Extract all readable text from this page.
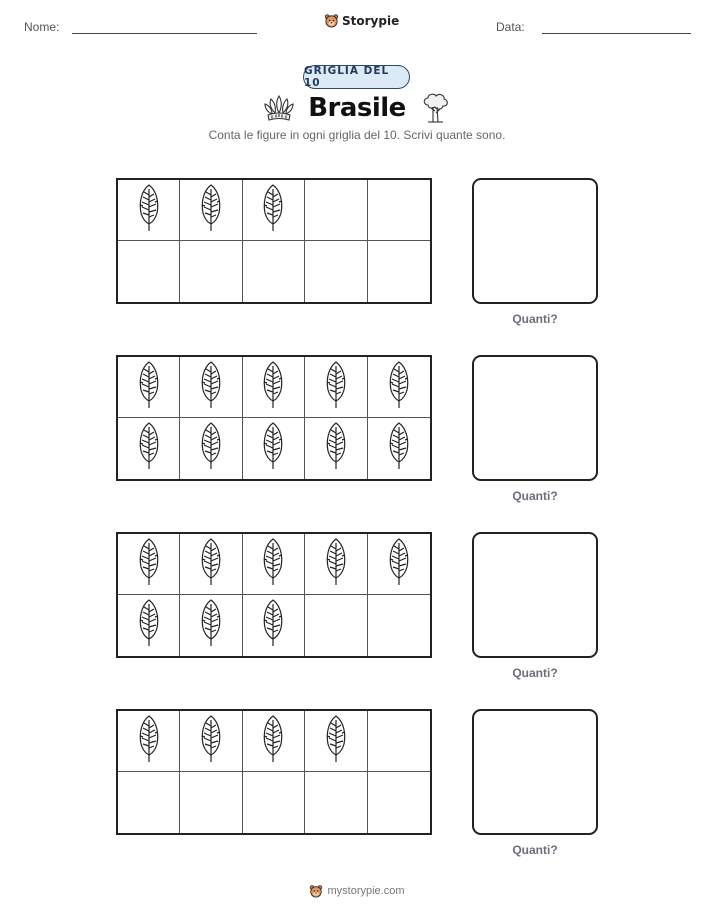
Nome:	Storypie	Data:
GRIGLIA DEL 10
Brasile
Conta le figure in ogni griglia del 10. Scrivi quante sono.
Quanti?
Quanti?
Quanti?
Quanti?
mystorypie.com
